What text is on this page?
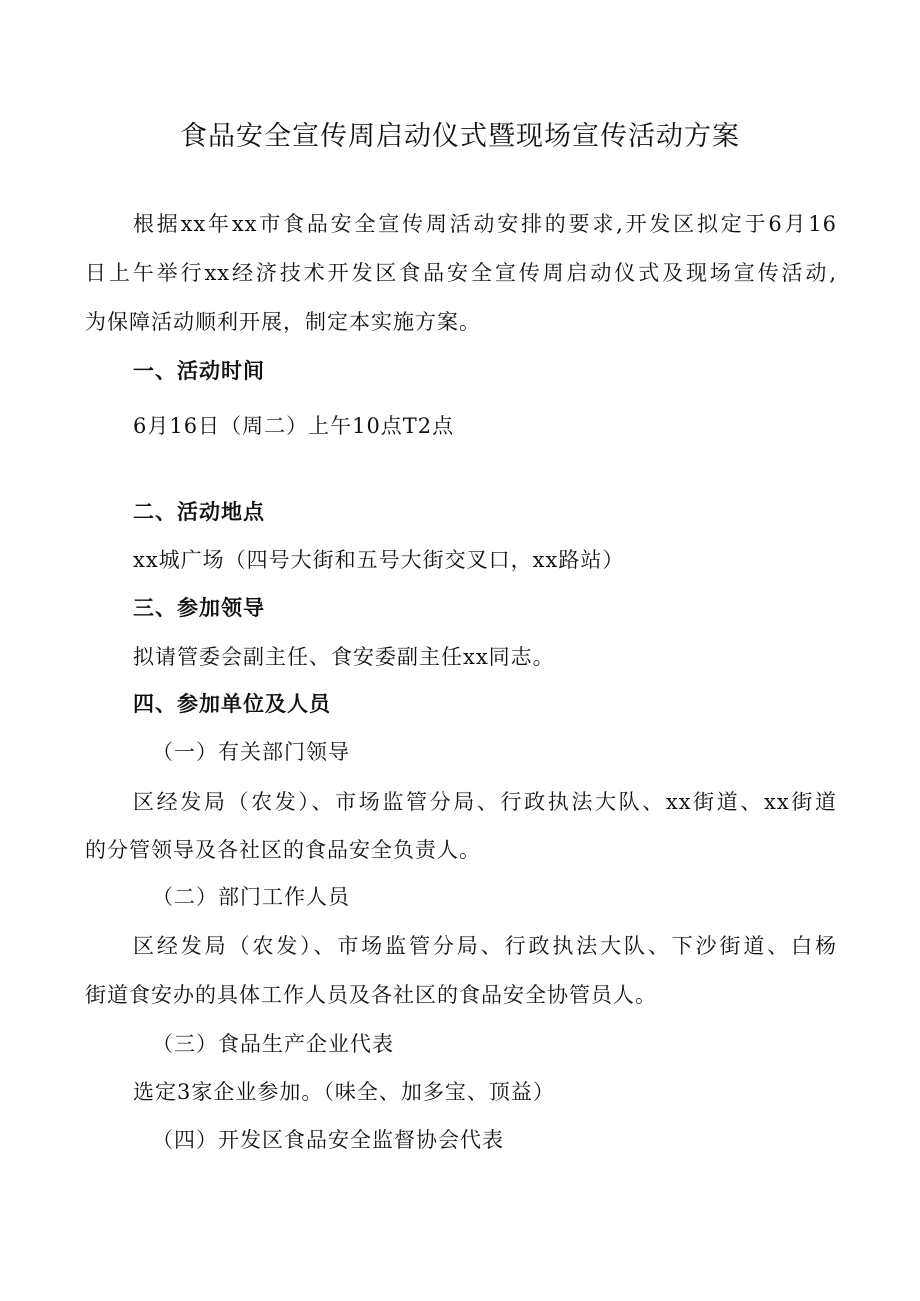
食品安全宣传周启动仪式暨现场宣传活动方案
根据xx年xx市食品安全宣传周活动安排的要求,开发区拟定于6月16
日上午举行xx经济技术开发区食品安全宣传周启动仪式及现场宣传活动,
为保障活动顺利开展，制定本实施方案。
一、活动时间
6月16日（周二）上午10点T2点
二、活动地点
xx城广场（四号大街和五号大街交叉口，xx路站）
三、参加领导
拟请管委会副主任、食安委副主任xx同志。
四、参加单位及人员
（一）有关部门领导
区经发局（农发）、市场监管分局、行政执法大队、xx街道、xx街道
的分管领导及各社区的食品安全负责人。
（二）部门工作人员
区经发局（农发）、市场监管分局、行政执法大队、下沙街道、白杨
街道食安办的具体工作人员及各社区的食品安全协管员人。
（三）食品生产企业代表
选定3家企业参加。（味全、加多宝、顶益）
（四）开发区食品安全监督协会代表
